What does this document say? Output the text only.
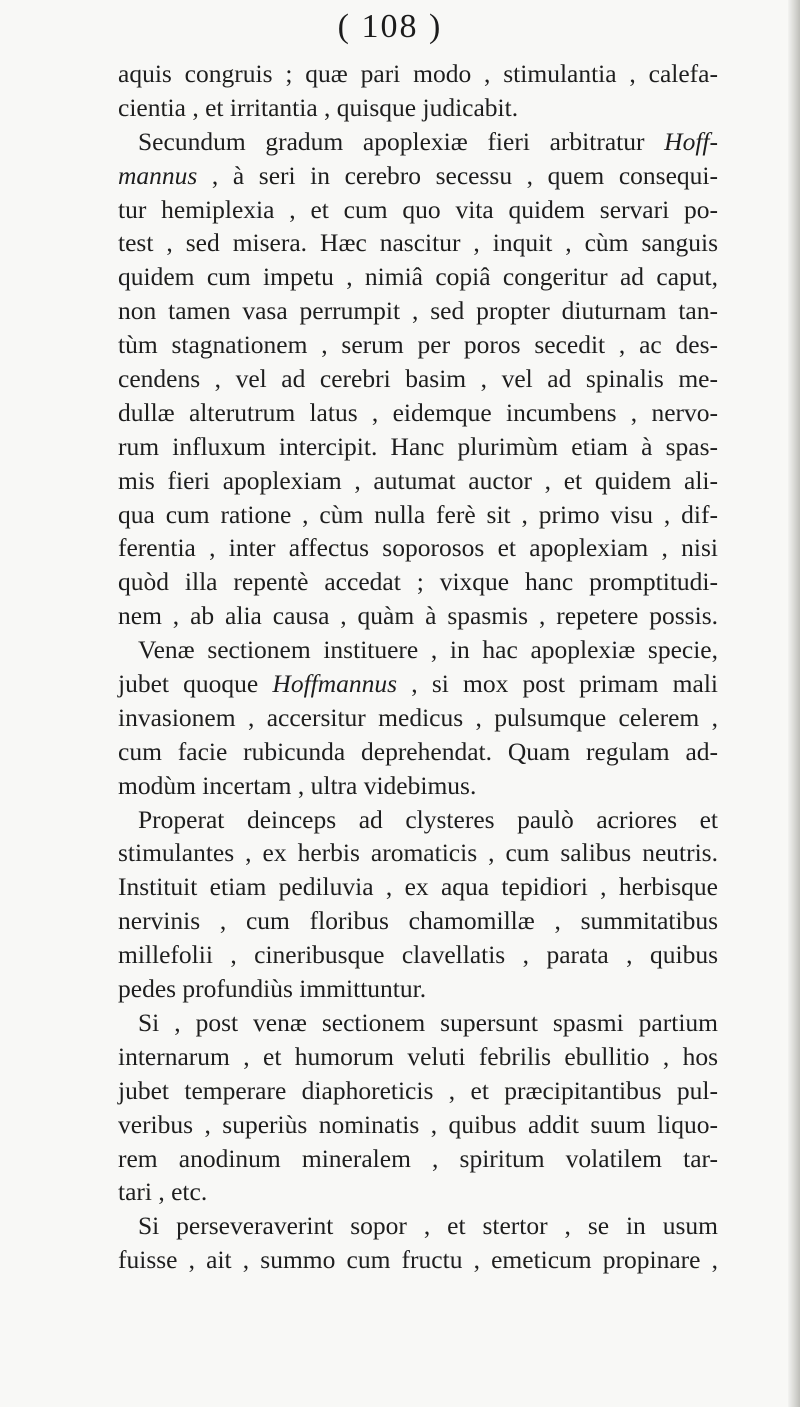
( 108 )
aquis congruis ; quæ pari modo , stimulantia , calefa-
cientia , et irritantia , quisque judicabit.
Secundum gradum apoplexiæ fieri arbitratur Hoff-
mannus , à seri in cerebro secessu , quem consequi-
tur hemiplexia , et cum quo vita quidem servari po-
test , sed misera. Hæc nascitur , inquit , cùm sanguis
quidem cum impetu , nimiâ copiâ congeritur ad caput,
non tamen vasa perrumpit , sed propter diuturnam tan-
tùm stagnationem , serum per poros secedit , ac des-
cendens , vel ad cerebri basim , vel ad spinalis me-
dullæ alterutrum latus , eidemque incumbens , nervo-
rum influxum intercipit. Hanc plurimùm etiam à spas-
mis fieri apoplexiam , autumat auctor , et quidem ali-
qua cum ratione , cùm nulla ferè sit , primo visu , dif-
ferentia , inter affectus soporosos et apoplexiam , nisi
quòd illa repentè accedat ; vixque hanc promptitudi-
nem , ab alia causa , quàm à spasmis , repetere possis.
Venæ sectionem instituere , in hac apoplexiæ specie,
jubet quoque Hoffmannus , si mox post primam mali
invasionem , accersitur medicus , pulsumque celerem ,
cum facie rubicunda deprehendat. Quam regulam ad-
modùm incertam , ultra videbimus.
Properat deinceps ad clysteres paulò acriores et
stimulantes , ex herbis aromaticis , cum salibus neutris.
Instituit etiam pediluvia , ex aqua tepidiori , herbisque
nervinis , cum floribus chamomillæ , summitatibus
millefolii , cineribusque clavellatis , parata , quibus
pedes profundiùs immittuntur.
Si , post venæ sectionem supersunt spasmi partium
internarum , et humorum veluti febrilis ebullitio , hos
jubet temperare diaphoreticis , et præcipitantibus pul-
veribus , superiùs nominatis , quibus addit suum liquo-
rem anodinum mineralem , spiritum volatilem tar-
tari , etc.
Si perseveraverint sopor , et stertor , se in usum
fuisse , ait , summo cum fructu , emeticum propinare ,
